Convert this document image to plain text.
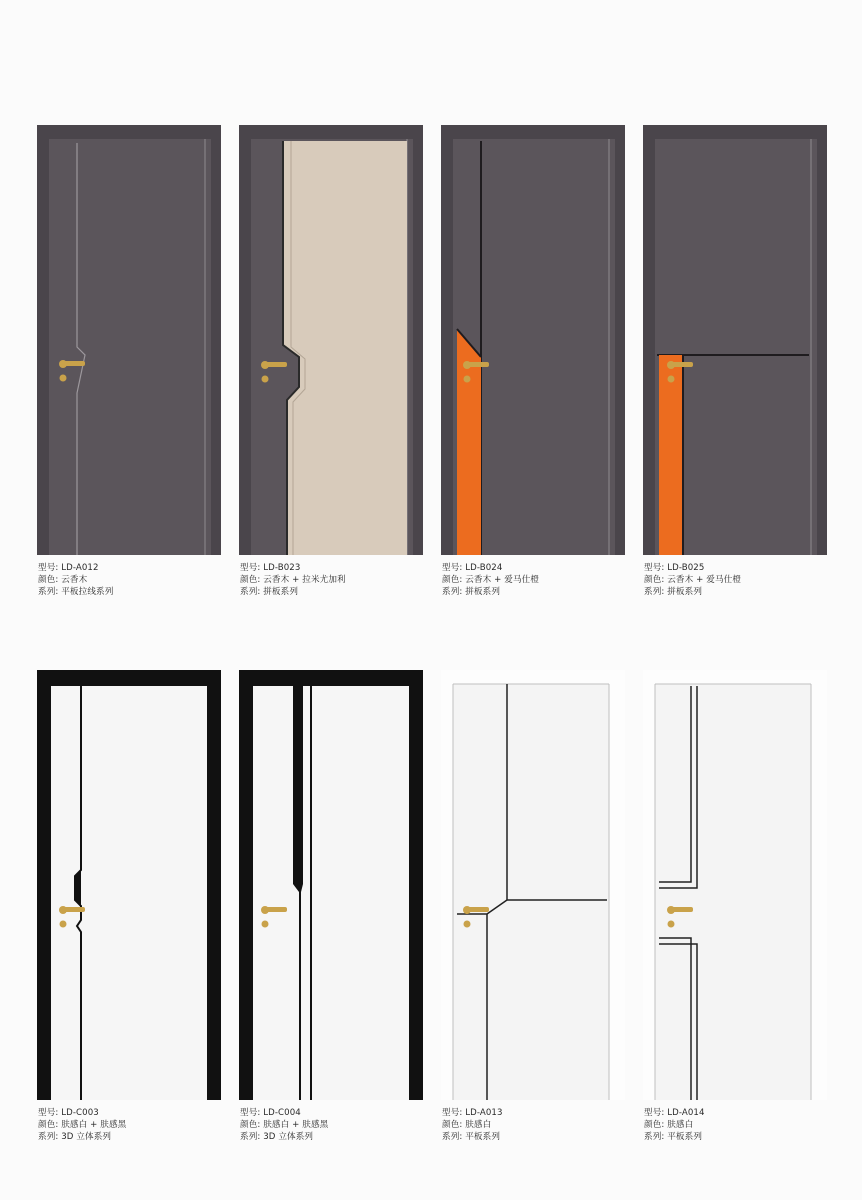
型号: LD-A012
颜色: 云香木
系列: 平板拉线系列
型号: LD-B023
颜色: 云香木 + 拉米尤加利
系列: 拼板系列
型号: LD-B024
颜色: 云香木 + 爱马仕橙
系列: 拼板系列
型号: LD-B025
颜色: 云香木 + 爱马仕橙
系列: 拼板系列
型号: LD-C003
颜色: 肤感白 + 肤感黑
系列: 3D 立体系列
型号: LD-C004
颜色: 肤感白 + 肤感黑
系列: 3D 立体系列
型号: LD-A013
颜色: 肤感白
系列: 平板系列
型号: LD-A014
颜色: 肤感白
系列: 平板系列
